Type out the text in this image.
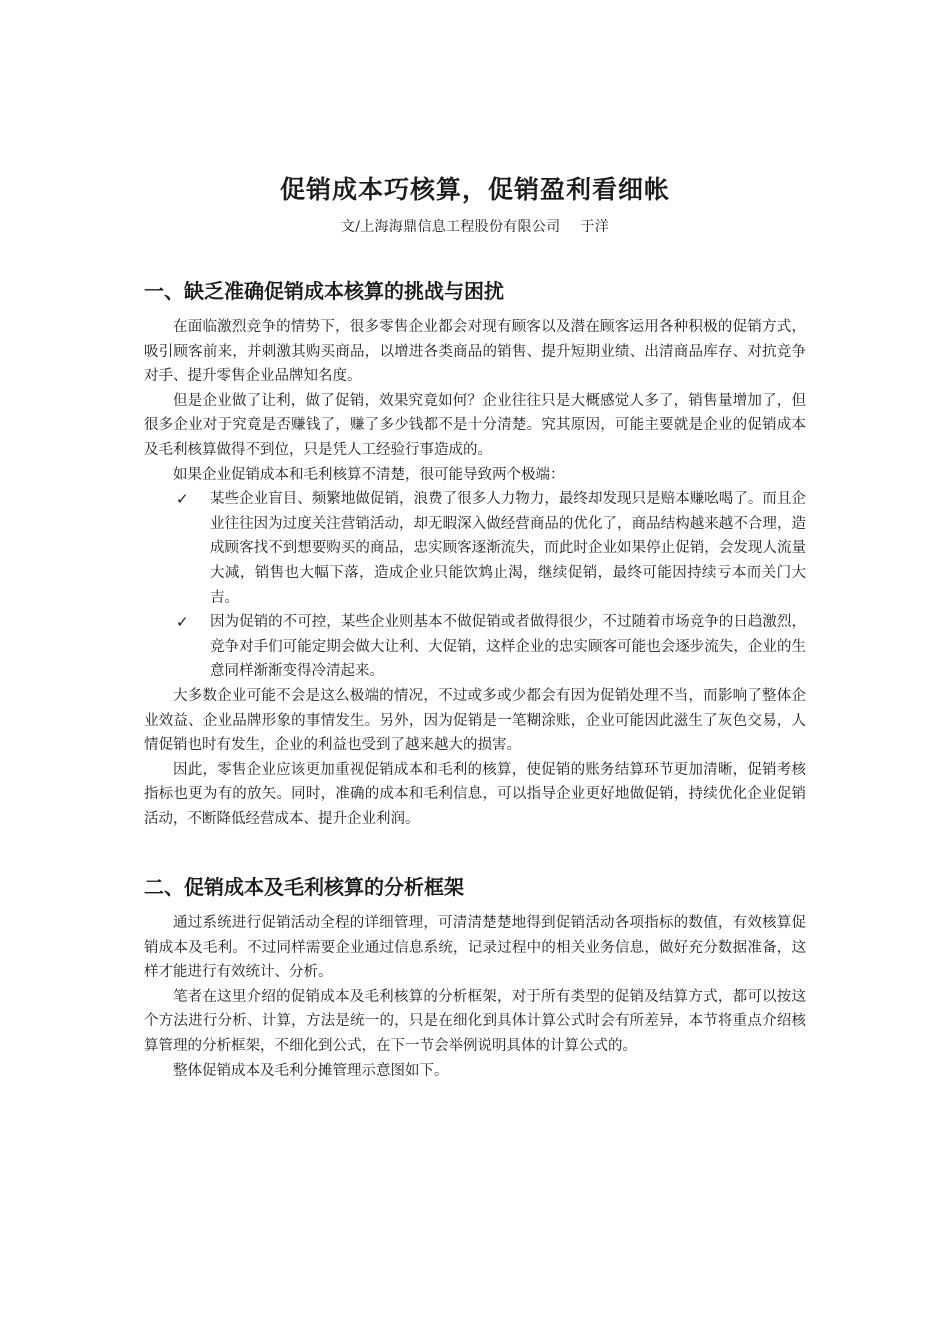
促销成本巧核算，促销盈利看细帐
文/上海海鼎信息工程股份有限公司 于洋
一、缺乏准确促销成本核算的挑战与困扰

在面临激烈竞争的情势下，很多零售企业都会对现有顾客以及潜在顾客运用各种积极的促销方式，吸引顾客前来，并刺激其购买商品，以增进各类商品的销售、提升短期业绩、出清商品库存、对抗竞争对手、提升零售企业品牌知名度。

但是企业做了让利，做了促销，效果究竟如何？企业往往只是大概感觉人多了，销售量增加了，但很多企业对于究竟是否赚钱了，赚了多少钱都不是十分清楚。究其原因，可能主要就是企业的促销成本及毛利核算做得不到位，只是凭人工经验行事造成的。

如果企业促销成本和毛利核算不清楚，很可能导致两个极端：

✓ 某些企业盲目、频繁地做促销，浪费了很多人力物力，最终却发现只是赔本赚吆喝了。而且企业往往因为过度关注营销活动，却无暇深入做经营商品的优化了，商品结构越来越不合理，造成顾客找不到想要购买的商品，忠实顾客逐渐流失，而此时企业如果停止促销，会发现人流量大减，销售也大幅下落，造成企业只能饮鸩止渴，继续促销，最终可能因持续亏本而关门大吉。

✓ 因为促销的不可控，某些企业则基本不做促销或者做得很少，不过随着市场竞争的日趋激烈，竞争对手们可能定期会做大让利、大促销，这样企业的忠实顾客可能也会逐步流失，企业的生意同样渐渐变得冷清起来。

大多数企业可能不会是这么极端的情况，不过或多或少都会有因为促销处理不当，而影响了整体企业效益、企业品牌形象的事情发生。另外，因为促销是一笔糊涂账，企业可能因此滋生了灰色交易，人情促销也时有发生，企业的利益也受到了越来越大的损害。

因此，零售企业应该更加重视促销成本和毛利的核算，使促销的账务结算环节更加清晰，促销考核指标也更为有的放矢。同时，准确的成本和毛利信息，可以指导企业更好地做促销，持续优化企业促销活动，不断降低经营成本、提升企业利润。

二、促销成本及毛利核算的分析框架

通过系统进行促销活动全程的详细管理，可清清楚楚地得到促销活动各项指标的数值，有效核算促销成本及毛利。不过同样需要企业通过信息系统，记录过程中的相关业务信息，做好充分数据准备，这样才能进行有效统计、分析。

笔者在这里介绍的促销成本及毛利核算的分析框架，对于所有类型的促销及结算方式，都可以按这个方法进行分析、计算，方法是统一的，只是在细化到具体计算公式时会有所差异，本节将重点介绍核算管理的分析框架，不细化到公式，在下一节会举例说明具体的计算公式的。

整体促销成本及毛利分摊管理示意图如下。
